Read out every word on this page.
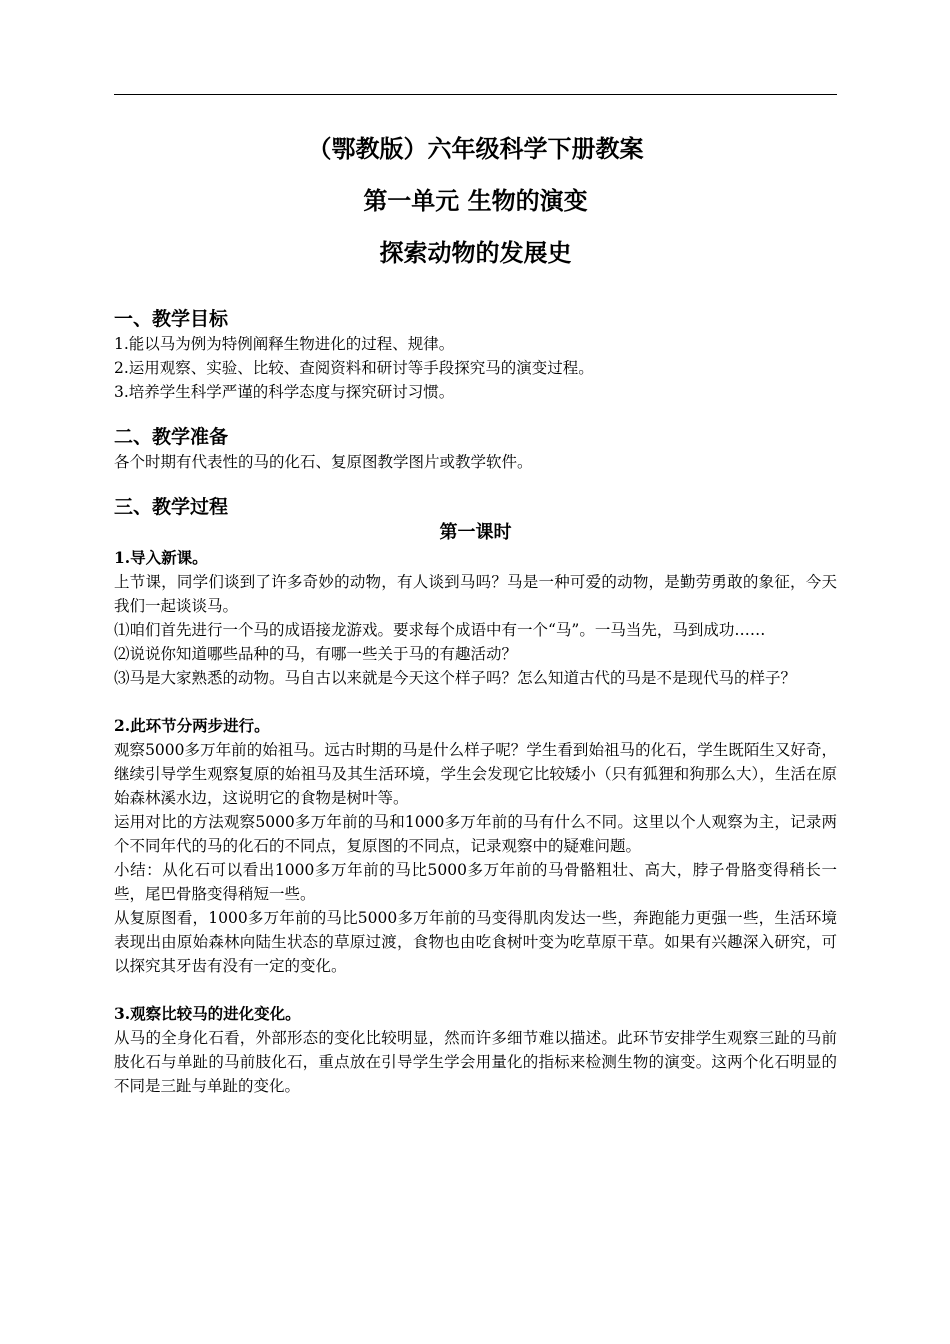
（鄂教版）六年级科学下册教案

第一单元 生物的演变

探索动物的发展史

一、教学目标

1.能以马为例为特例阐释生物进化的过程、规律。

2.运用观察、实验、比较、查阅资料和研讨等手段探究马的演变过程。

3.培养学生科学严谨的科学态度与探究研讨习惯。

二、教学准备

各个时期有代表性的马的化石、复原图教学图片或教学软件。

三、教学过程

第一课时

1.导入新课。

上节课，同学们谈到了许多奇妙的动物，有人谈到马吗？马是一种可爱的动物，是勤劳勇敢的象征，今天我们一起谈谈马。

⑴咱们首先进行一个马的成语接龙游戏。要求每个成语中有一个“马”。一马当先，马到成功……

⑵说说你知道哪些品种的马，有哪一些关于马的有趣活动？

⑶马是大家熟悉的动物。马自古以来就是今天这个样子吗？怎么知道古代的马是不是现代马的样子？

2.此环节分两步进行。

观察5000多万年前的始祖马。远古时期的马是什么样子呢？学生看到始祖马的化石，学生既陌生又好奇，继续引导学生观察复原的始祖马及其生活环境，学生会发现它比较矮小（只有狐狸和狗那么大），生活在原始森林溪水边，这说明它的食物是树叶等。

运用对比的方法观察5000多万年前的马和1000多万年前的马有什么不同。这里以个人观察为主，记录两个不同年代的马的化石的不同点，复原图的不同点，记录观察中的疑难问题。

小结：从化石可以看出1000多万年前的马比5000多万年前的马骨骼粗壮、高大，脖子骨胳变得稍长一些，尾巴骨胳变得稍短一些。

从复原图看，1000多万年前的马比5000多万年前的马变得肌肉发达一些，奔跑能力更强一些，生活环境表现出由原始森林向陆生状态的草原过渡，食物也由吃食树叶变为吃草原干草。如果有兴趣深入研究，可以探究其牙齿有没有一定的变化。

3.观察比较马的进化变化。

从马的全身化石看，外部形态的变化比较明显，然而许多细节难以描述。此环节安排学生观察三趾的马前肢化石与单趾的马前肢化石，重点放在引导学生学会用量化的指标来检测生物的演变。这两个化石明显的不同是三趾与单趾的变化。
